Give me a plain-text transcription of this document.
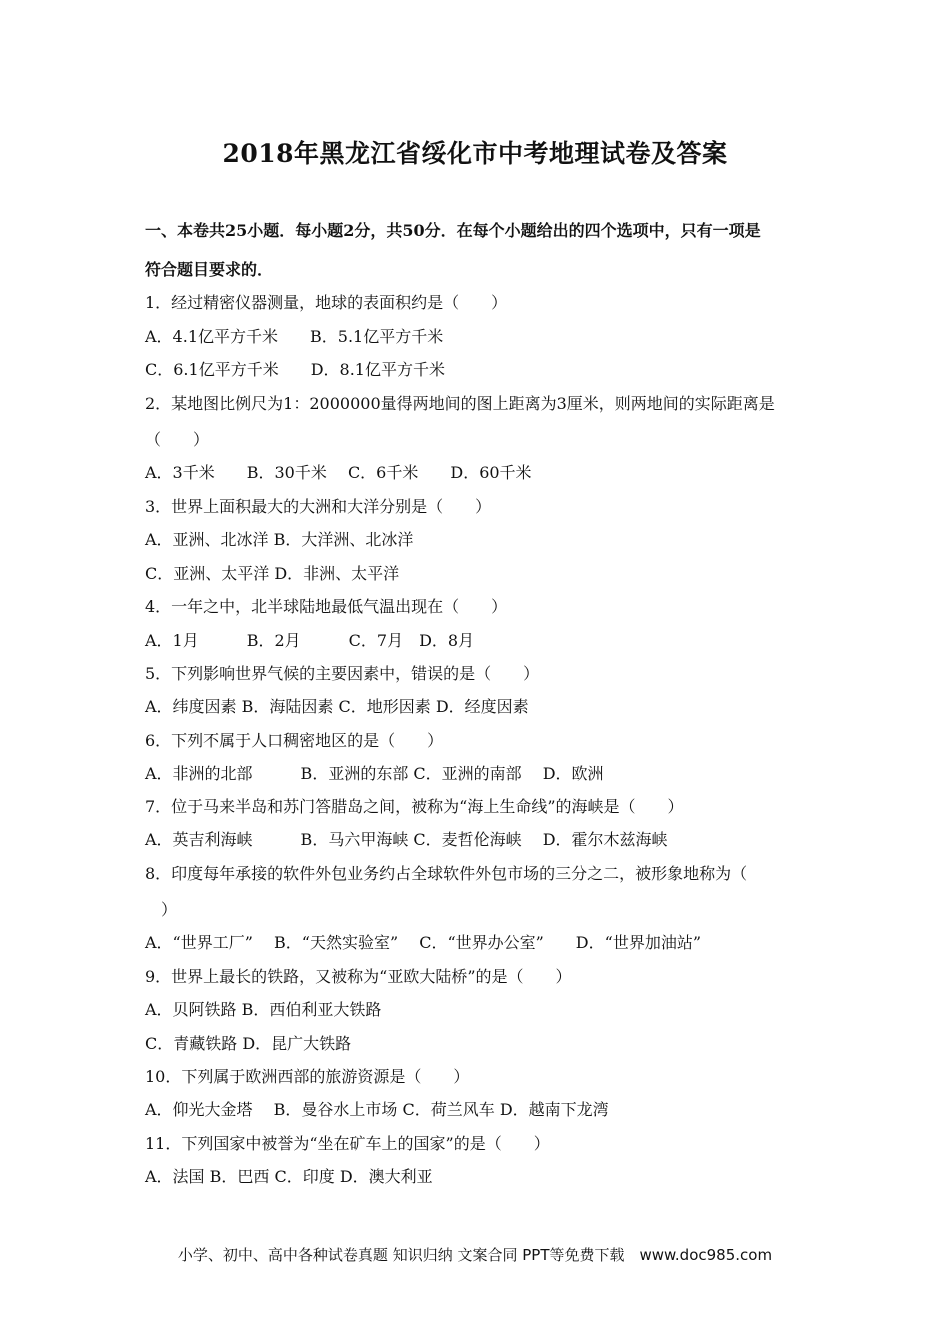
2018年黑龙江省绥化市中考地理试卷及答案
一、本卷共25小题．每小题2分，共50分．在每个小题给出的四个选项中，只有一项是
符合题目要求的．
1．经过精密仪器测量，地球的表面积约是（　　）
A．4.1亿平方千米　　B．5.1亿平方千米
C．6.1亿平方千米　　D．8.1亿平方千米
2．某地图比例尺为1：2000000量得两地间的图上距离为3厘米，则两地间的实际距离是
（　　）
A．3千米　　B．30千米　 C．6千米　　D．60千米
3．世界上面积最大的大洲和大洋分别是（　　）
A．亚洲、北冰洋 B．大洋洲、北冰洋
C．亚洲、太平洋 D．非洲、太平洋
4．一年之中，北半球陆地最低气温出现在（　　）
A．1月　　　B．2月　　　C．7月　D．8月
5．下列影响世界气候的主要因素中，错误的是（　　）
A．纬度因素 B．海陆因素 C．地形因素 D．经度因素
6．下列不属于人口稠密地区的是（　　）
A．非洲的北部　　　B．亚洲的东部 C．亚洲的南部　 D．欧洲
7．位于马来半岛和苏门答腊岛之间，被称为“海上生命线”的海峡是（　　）
A．英吉利海峡　　　B．马六甲海峡 C．麦哲伦海峡　 D．霍尔木兹海峡
8．印度每年承接的软件外包业务约占全球软件外包市场的三分之二，被形象地称为（
　）
A．“世界工厂”　 B．“天然实验室”　 C．“世界办公室”　　D．“世界加油站”
9．世界上最长的铁路，又被称为“亚欧大陆桥”的是（　　）
A．贝阿铁路 B．西伯利亚大铁路
C．青藏铁路 D．昆广大铁路
10．下列属于欧洲西部的旅游资源是（　　）
A．仰光大金塔　 B．曼谷水上市场 C．荷兰风车 D．越南下龙湾
11．下列国家中被誉为“坐在矿车上的国家”的是（　　）
A．法国 B．巴西 C．印度 D．澳大利亚
小学、初中、高中各种试卷真题 知识归纳 文案合同 PPT等免费下载　www.doc985.com
